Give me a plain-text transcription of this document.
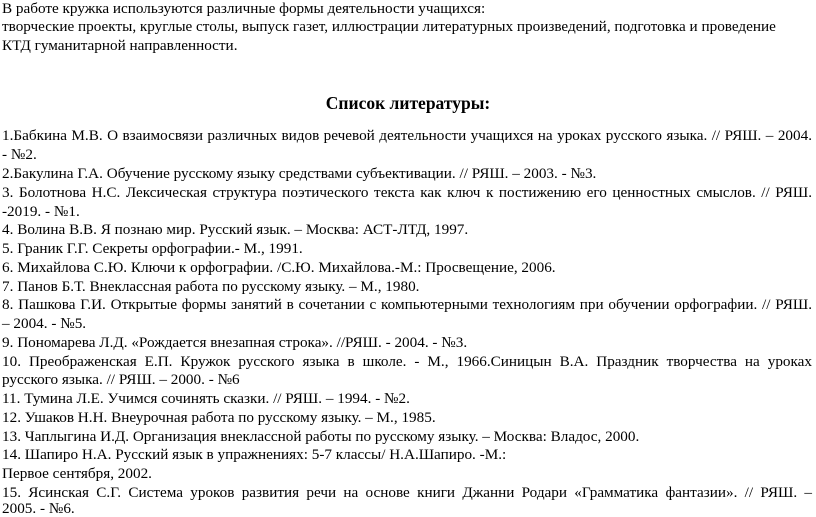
В работе кружка используются различные формы деятельности учащихся:
творческие проекты, круглые столы, выпуск газет, иллюстрации литературных произведений, подготовка и проведение
КТД гуманитарной направленности.
Список литературы:
1.Бабкина М.В. О взаимосвязи различных видов речевой деятельности учащихся на уроках русского языка. // РЯШ. – 2004.
- №2.
2.Бакулина Г.А. Обучение русскому языку средствами субъективации. // РЯШ. – 2003. - №3.
3. Болотнова Н.С. Лексическая структура поэтического текста как ключ к постижению его ценностных смыслов. // РЯШ.
-2019. - №1.
4. Волина В.В. Я познаю мир. Русский язык. – Москва: АСТ-ЛТД, 1997.
5. Граник Г.Г. Секреты орфографии.- М., 1991.
6. Михайлова С.Ю. Ключи к орфографии. /С.Ю. Михайлова.-М.: Просвещение, 2006.
7. Панов Б.Т. Внеклассная работа по русскому языку. – М., 1980.
8. Пашкова Г.И. Открытые формы занятий в сочетании с компьютерными технологиям при обучении орфографии. // РЯШ.
– 2004. - №5.
9. Пономарева Л.Д. «Рождается внезапная строка». //РЯШ. - 2004. - №3.
10. Преображенская Е.П. Кружок русского языка в школе. - М., 1966.Синицын В.А. Праздник творчества на уроках
русского языка. // РЯШ. – 2000. - №6
11. Тумина Л.Е. Учимся сочинять сказки. // РЯШ. – 1994. - №2.
12. Ушаков Н.Н. Внеурочная работа по русскому языку. – М., 1985.
13. Чаплыгина И.Д. Организация внеклассной работы по русскому языку. – Москва: Владос, 2000.
14. Шапиро Н.А. Русский язык в упражнениях: 5-7 классы/ Н.А.Шапиро. -М.:
Первое сентября, 2002.
15. Ясинская С.Г. Система уроков развития речи на основе книги Джанни Родари «Грамматика фантазии». // РЯШ. –
2005. - №6.
